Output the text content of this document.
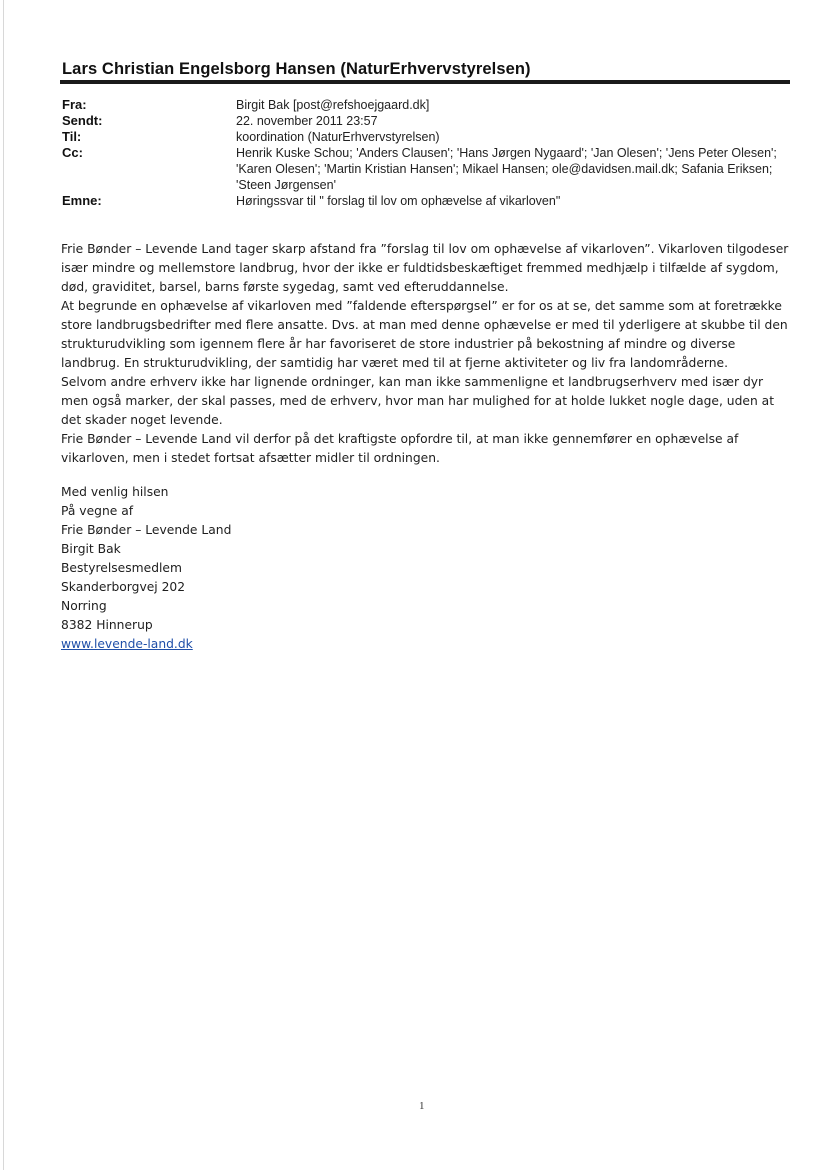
Lars Christian Engelsborg Hansen (NaturErhvervstyrelsen)
Fra:	Birgit Bak [post@refshoejgaard.dk]
Sendt:	22. november 2011 23:57
Til:	koordination (NaturErhvervstyrelsen)
Cc:	Henrik Kuske Schou; 'Anders Clausen'; 'Hans Jørgen Nygaard'; 'Jan Olesen'; 'Jens Peter Olesen'; 'Karen Olesen'; 'Martin Kristian Hansen'; Mikael Hansen; ole@davidsen.mail.dk; Safania Eriksen; 'Steen Jørgensen'
Emne:	Høringssvar til " forslag til lov om ophævelse af vikarloven"

Frie Bønder – Levende Land tager skarp afstand fra ”forslag til lov om ophævelse af vikarloven”. Vikarloven tilgodeser især mindre og mellemstore landbrug, hvor der ikke er fuldtidsbeskæftiget fremmed medhjælp i tilfælde af sygdom, død, graviditet, barsel, barns første sygedag, samt ved efteruddannelse.

At begrunde en ophævelse af vikarloven med ”faldende efterspørgsel” er for os at se, det samme som at foretrække store landbrugsbedrifter med flere ansatte. Dvs. at man med denne ophævelse er med til yderligere at skubbe til den strukturudvikling som igennem flere år har favoriseret de store industrier på bekostning af mindre og diverse landbrug. En strukturudvikling, der samtidig har været med til at fjerne aktiviteter og liv fra landområderne.

Selvom andre erhverv ikke har lignende ordninger, kan man ikke sammenligne et landbrugserhverv med især dyr men også marker, der skal passes, med de erhverv, hvor man har mulighed for at holde lukket nogle dage, uden at det skader noget levende.

Frie Bønder – Levende Land vil derfor på det kraftigste opfordre til, at man ikke gennemfører en ophævelse af vikarloven, men i stedet fortsat afsætter midler til ordningen.

Med venlig hilsen
På vegne af
Frie Bønder – Levende Land
Birgit Bak
Bestyrelsesmedlem
Skanderborgvej 202
Norring
8382 Hinnerup
www.levende-land.dk
1
